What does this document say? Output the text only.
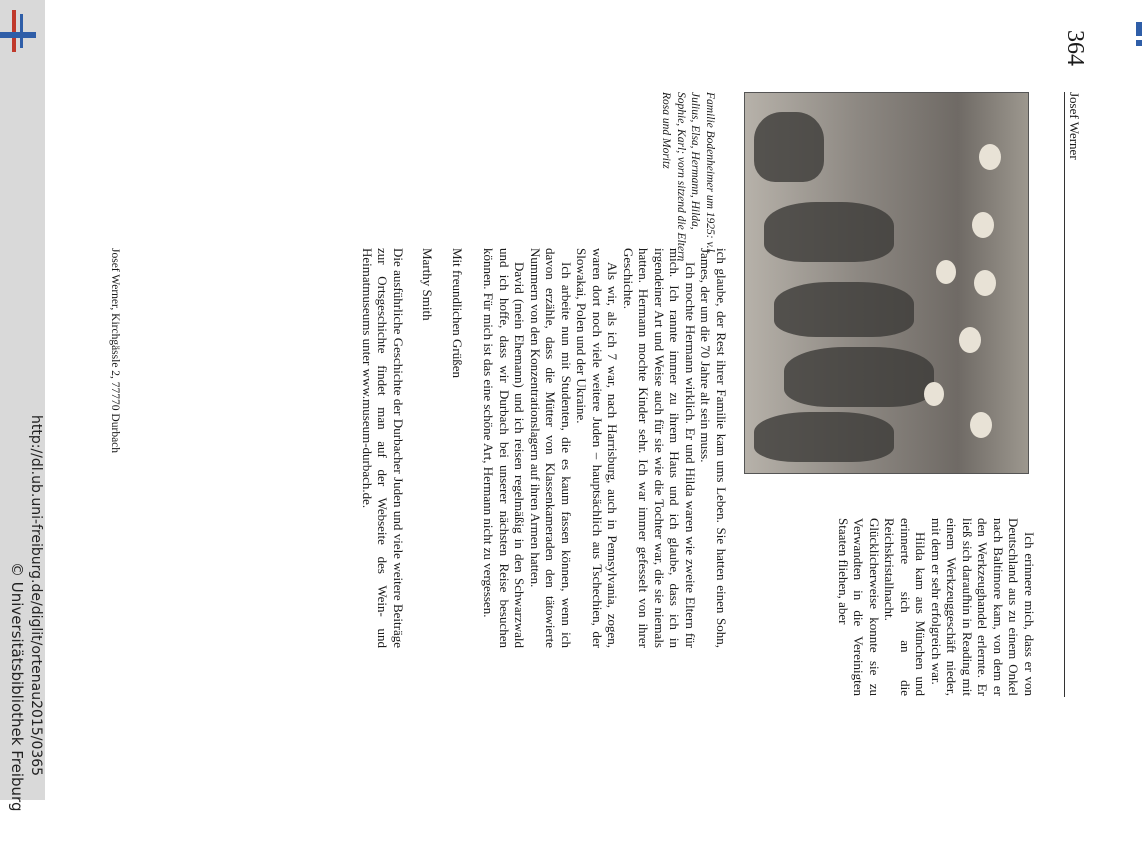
http://dl.ub.uni-freiburg.de/diglit/ortenau2015/0365
© Universitätsbibliothek Freiburg
364
Josef Werner
Familie Bodenheimer um 1925: v.l. Julius, Elsa, Hermann, Hilda, Sophie, Karl; vorn sitzend die Eltern Rosa und Moritz

Ich erinnere mich, dass er von Deutschland aus zu einem Onkel nach Baltimore kam, von dem er den Werkzeughandel erlernte. Er ließ sich daraufhin in Reading mit einem Werkzeuggeschäft nieder, mit dem er sehr erfolgreich war.

Hilda kam aus München und erinnerte sich an die Reichskristallnacht. Glücklicherweise konnte sie zu Verwandten in die Vereinigten Staaten fliehen, aber

ich glaube, der Rest ihrer Familie kam ums Leben. Sie hatten einen Sohn, James, der um die 70 Jahre alt sein muss.

Ich mochte Hermann wirklich. Er und Hilda waren wie zweite Eltern für mich. Ich rannte immer zu ihrem Haus und ich glaube, dass ich in irgendeiner Art und Weise auch für sie wie die Tochter war, die sie niemals hatten. Hermann mochte Kinder sehr. Ich war immer gefesselt von ihrer Geschichte.

Als wir, als ich 7 war, nach Harrisburg, auch in Pennsylvania, zogen, waren dort noch viele weitere Juden – hauptsächlich aus Tschechien, der Slowakai, Polen und der Ukraine.

Ich arbeite nun mit Studenten, die es kaum fassen können, wenn ich davon erzähle, dass die Mütter von Klassenkameraden den tätowierte Nummern von den Konzentrationslagern auf ihren Armen hatten.

David (mein Ehemann) und ich reisen regelmäßig in den Schwarzwald und ich hoffe, dass wir Durbach bei unserer nächsten Reise besuchen können. Für mich ist das eine schöne Art, Hermann nicht zu vergessen.

Mit freundlichen Grüßen

Marthy Smith

Die ausführliche Geschichte der Durbacher Juden und viele weitere Beiträge zur Ortsgeschichte findet man auf der Webseite des Wein- und Heimatmuseums unter www.museum-durbach.de.

Josef Werner, Kirchgässle 2, 77770 Durbach
